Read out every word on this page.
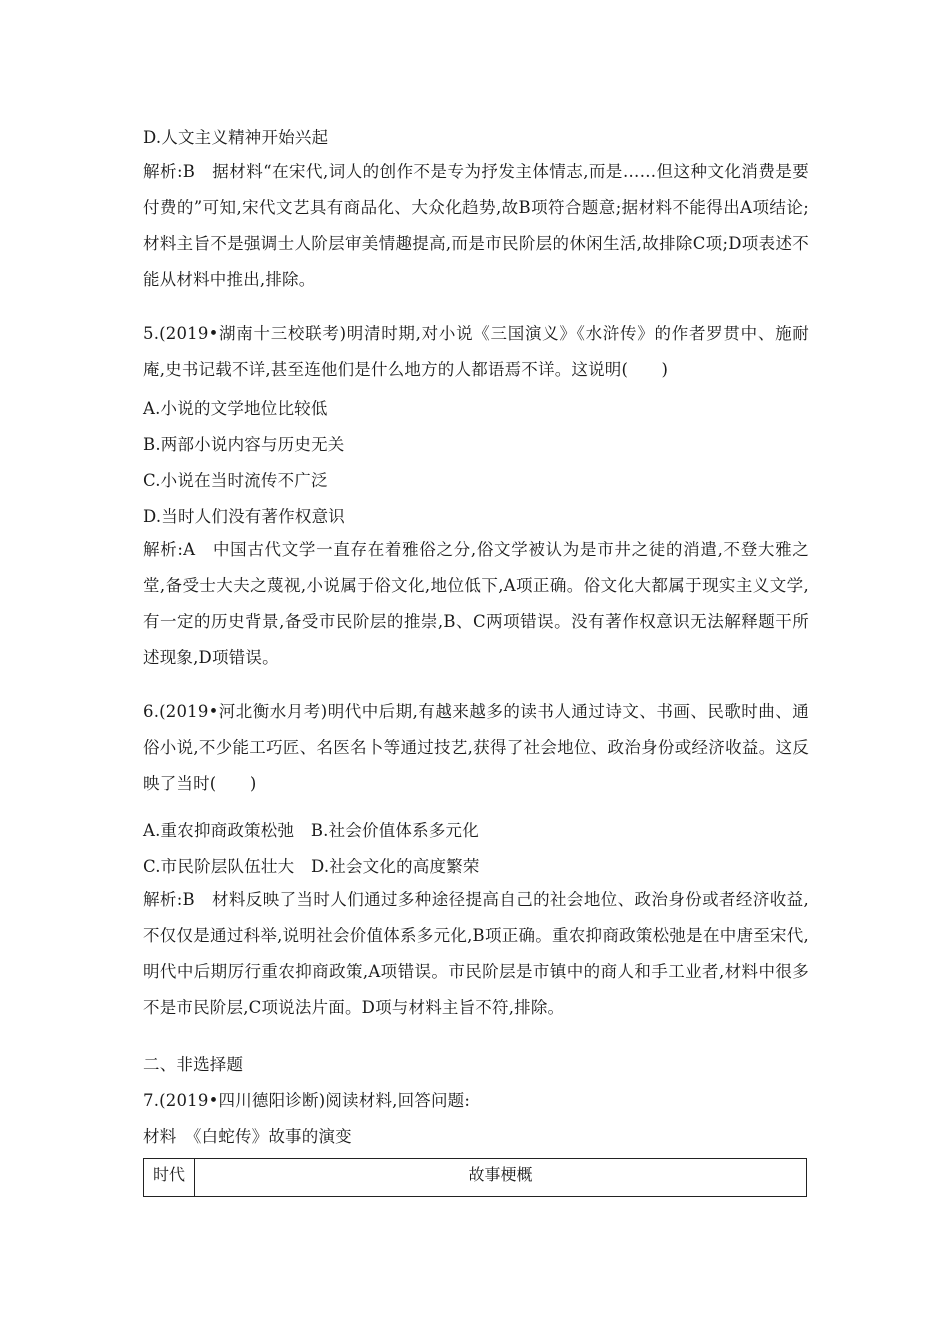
D.人文主义精神开始兴起
解析:B　据材料“在宋代,词人的创作不是专为抒发主体情志,而是……但这种文化消费是要付费的”可知,宋代文艺具有商品化、大众化趋势,故B项符合题意;据材料不能得出A项结论;材料主旨不是强调士人阶层审美情趣提高,而是市民阶层的休闲生活,故排除C项;D项表述不能从材料中推出,排除。
5.(2019•湖南十三校联考)明清时期,对小说《三国演义》《水浒传》的作者罗贯中、施耐庵,史书记载不详,甚至连他们是什么地方的人都语焉不详。这说明(　　)
A.小说的文学地位比较低
B.两部小说内容与历史无关
C.小说在当时流传不广泛
D.当时人们没有著作权意识
解析:A　中国古代文学一直存在着雅俗之分,俗文学被认为是市井之徒的消遣,不登大雅之堂,备受士大夫之蔑视,小说属于俗文化,地位低下,A项正确。俗文化大都属于现实主义文学,有一定的历史背景,备受市民阶层的推崇,B、C两项错误。没有著作权意识无法解释题干所述现象,D项错误。
6.(2019•河北衡水月考)明代中后期,有越来越多的读书人通过诗文、书画、民歌时曲、通俗小说,不少能工巧匠、名医名卜等通过技艺,获得了社会地位、政治身份或经济收益。这反映了当时(　　)
A.重农抑商政策松弛　B.社会价值体系多元化
C.市民阶层队伍壮大　D.社会文化的高度繁荣
解析:B　材料反映了当时人们通过多种途径提高自己的社会地位、政治身份或者经济收益,不仅仅是通过科举,说明社会价值体系多元化,B项正确。重农抑商政策松弛是在中唐至宋代,明代中后期厉行重农抑商政策,A项错误。市民阶层是市镇中的商人和手工业者,材料中很多不是市民阶层,C项说法片面。D项与材料主旨不符,排除。
二、非选择题
7.(2019•四川德阳诊断)阅读材料,回答问题:
材料　《白蛇传》故事的演变
时代	故事梗概
